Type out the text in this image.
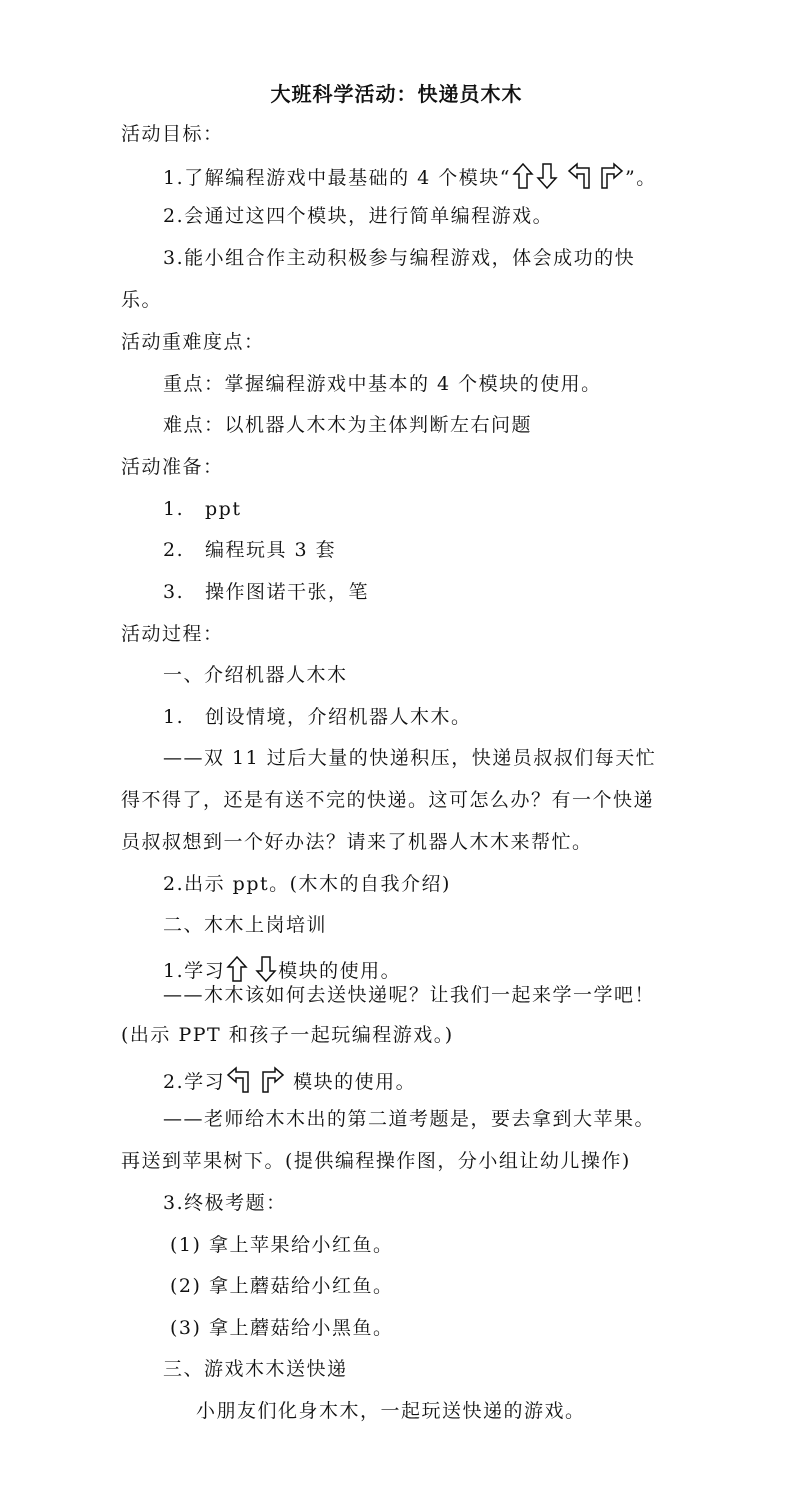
大班科学活动：快递员木木
活动目标：
1.了解编程游戏中最基础的 4 个模块“	”。
2.会通过这四个模块，进行简单编程游戏。
3.能小组合作主动积极参与编程游戏，体会成功的快
乐。
活动重难度点：
重点：掌握编程游戏中基本的 4 个模块的使用。
难点：以机器人木木为主体判断左右问题
活动准备：
1. ppt
2. 编程玩具 3 套
3. 操作图诺干张，笔
活动过程：
一、介绍机器人木木
1. 创设情境，介绍机器人木木。
——双 11 过后大量的快递积压，快递员叔叔们每天忙
得不得了，还是有送不完的快递。这可怎么办？有一个快递
员叔叔想到一个好办法？请来了机器人木木来帮忙。
2.出示 ppt。(木木的自我介绍)
二、木木上岗培训
1.学习	模块的使用。
——木木该如何去送快递呢？让我们一起来学一学吧！
(出示 PPT 和孩子一起玩编程游戏。)
2.学习	模块的使用。
——老师给木木出的第二道考题是，要去拿到大苹果。
再送到苹果树下。(提供编程操作图，分小组让幼儿操作)
3.终极考题：
(1) 拿上苹果给小红鱼。
(2) 拿上蘑菇给小红鱼。
(3) 拿上蘑菇给小黑鱼。
三、游戏木木送快递
小朋友们化身木木，一起玩送快递的游戏。
